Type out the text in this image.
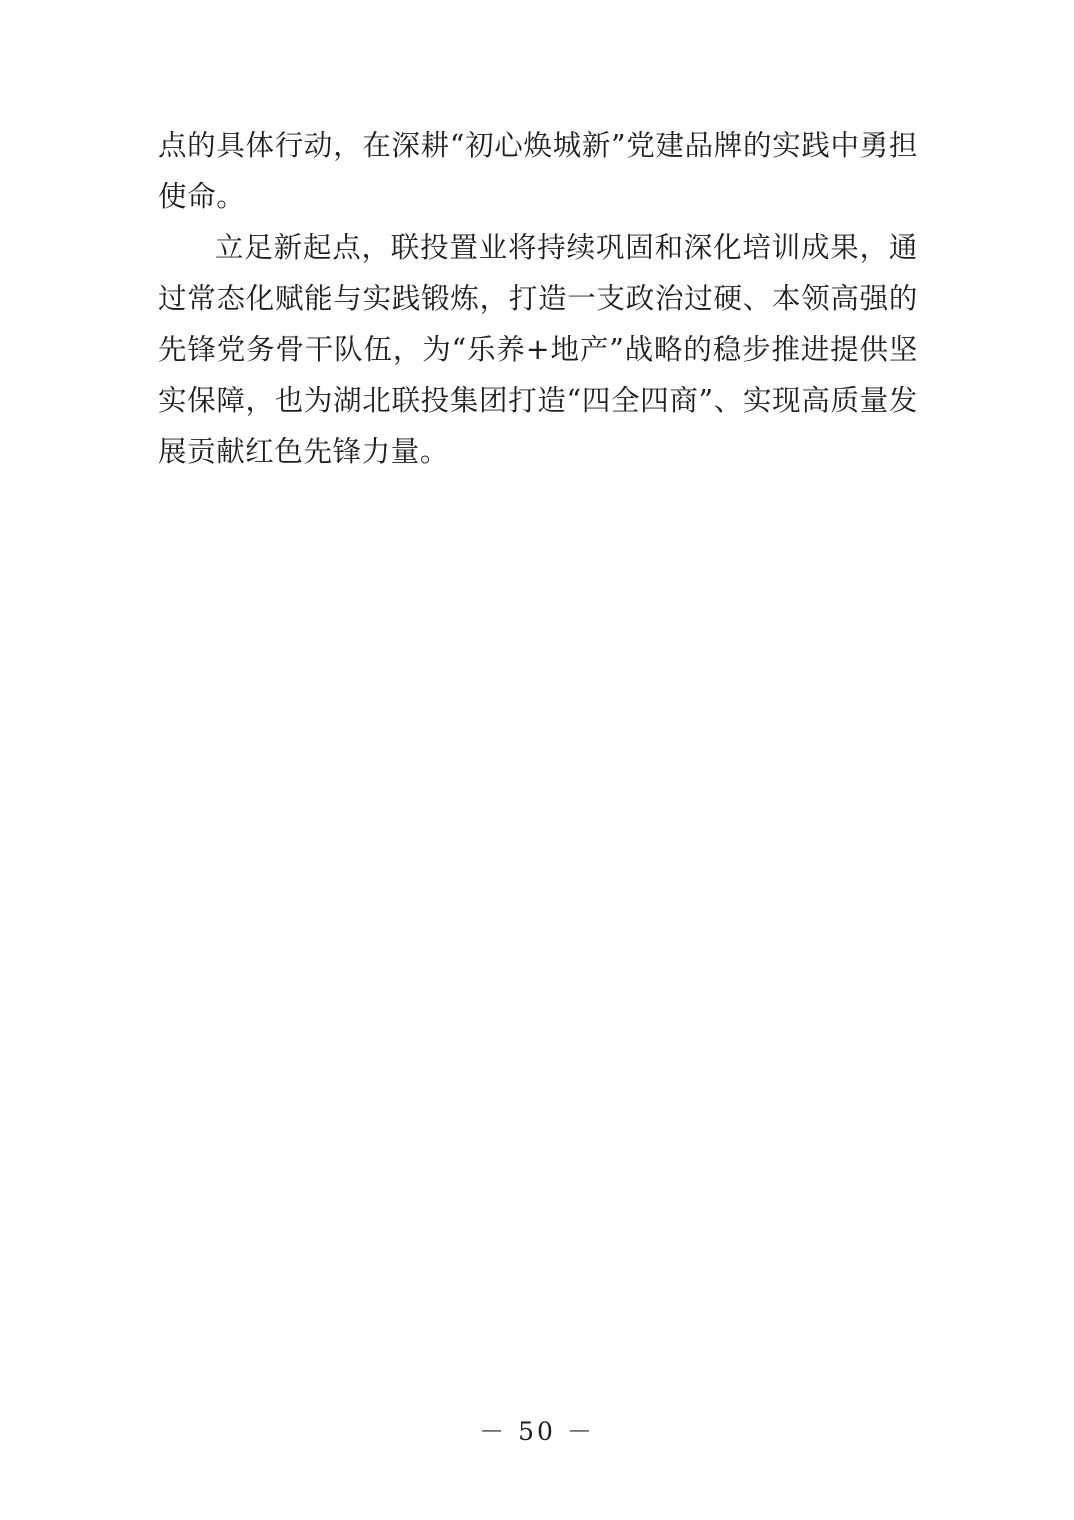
点的具体行动，在深耕“初心焕城新”党建品牌的实践中勇担使命。

立足新起点，联投置业将持续巩固和深化培训成果，通过常态化赋能与实践锻炼，打造一支政治过硬、本领高强的先锋党务骨干队伍，为“乐养+地产”战略的稳步推进提供坚实保障，也为湖北联投集团打造“四全四商”、实现高质量发展贡献红色先锋力量。

－ 50 －
